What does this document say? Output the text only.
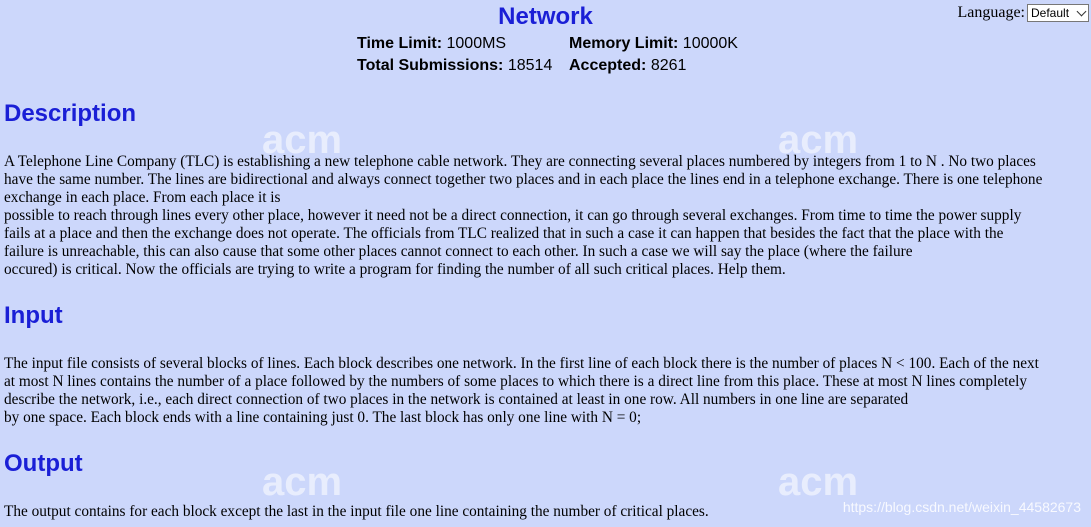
acm	acm
acm	acm
Network	Language: Default
Time Limit: 1000MS	Memory Limit: 10000K
Total Submissions: 18514	Accepted: 8261
Description
A Telephone Line Company (TLC) is establishing a new telephone cable network. They are connecting several places numbered by integers from 1 to N . No two places
have the same number. The lines are bidirectional and always connect together two places and in each place the lines end in a telephone exchange. There is one telephone
exchange in each place. From each place it is
possible to reach through lines every other place, however it need not be a direct connection, it can go through several exchanges. From time to time the power supply
fails at a place and then the exchange does not operate. The officials from TLC realized that in such a case it can happen that besides the fact that the place with the
failure is unreachable, this can also cause that some other places cannot connect to each other. In such a case we will say the place (where the failure
occured) is critical. Now the officials are trying to write a program for finding the number of all such critical places. Help them.
Input
The input file consists of several blocks of lines. Each block describes one network. In the first line of each block there is the number of places N < 100. Each of the next
at most N lines contains the number of a place followed by the numbers of some places to which there is a direct line from this place. These at most N lines completely
describe the network, i.e., each direct connection of two places in the network is contained at least in one row. All numbers in one line are separated
by one space. Each block ends with a line containing just 0. The last block has only one line with N = 0;
Output
The output contains for each block except the last in the input file one line containing the number of critical places.	https://blog.csdn.net/weixin_44582673
